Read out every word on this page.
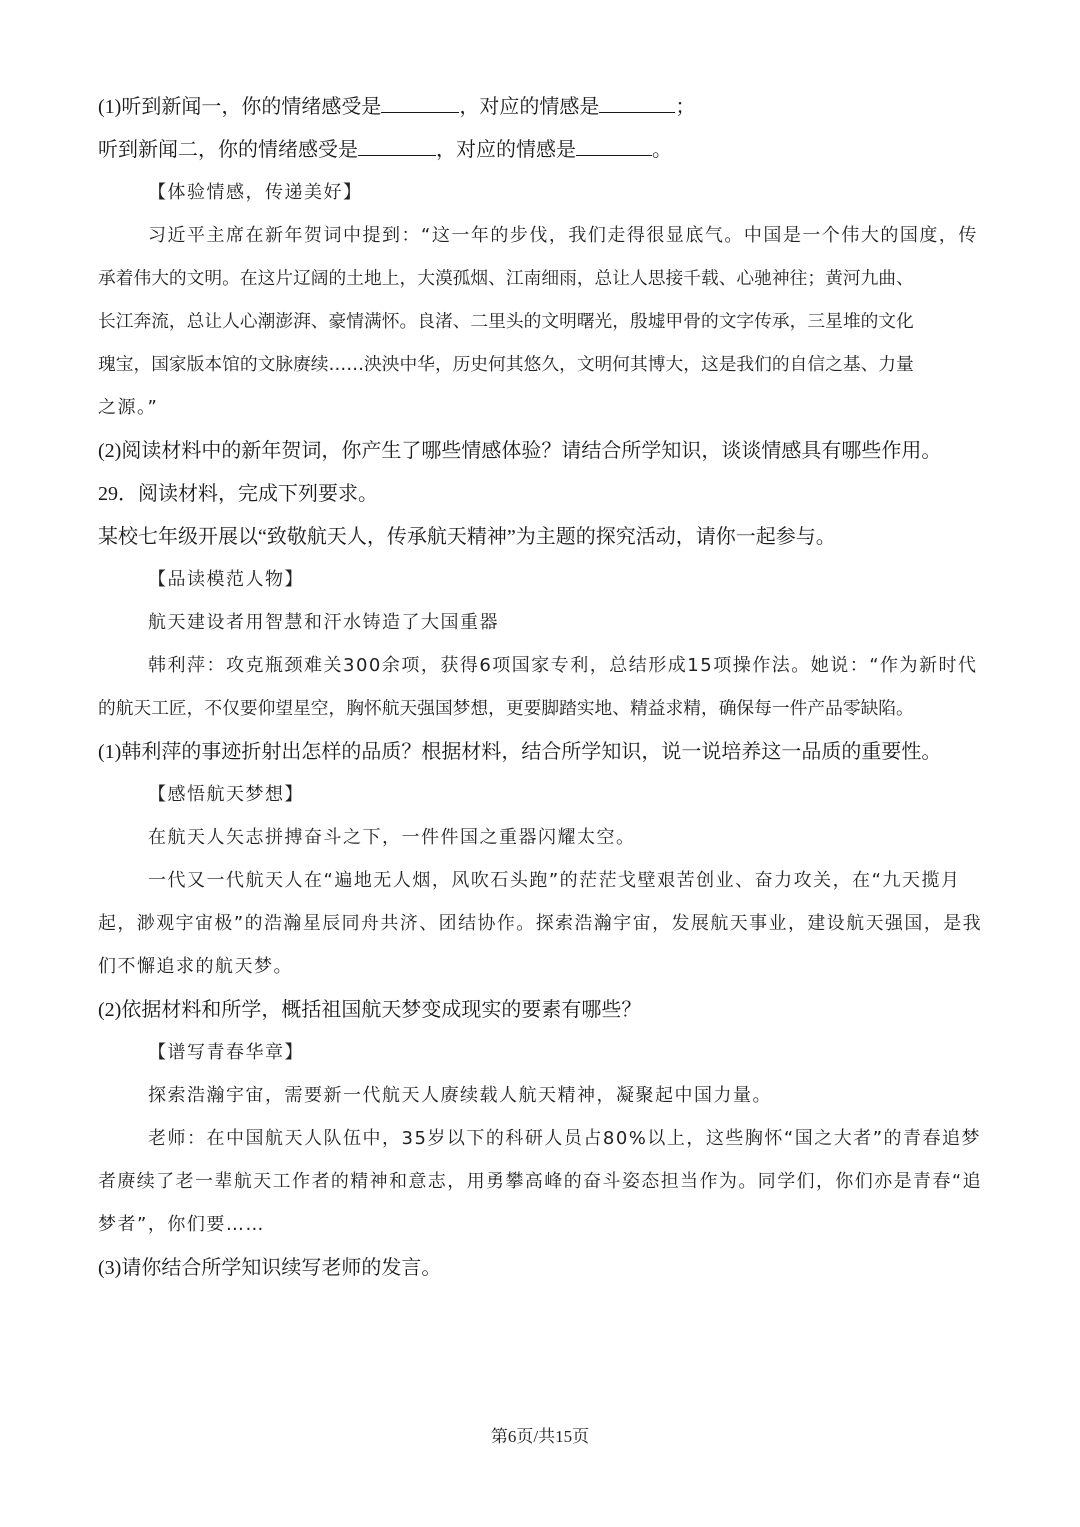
(1)听到新闻一，你的情绪感受是	，对应的情感是	；
听到新闻二，你的情绪感受是	，对应的情感是	。
【体验情感，传递美好】
习近平主席在新年贺词中提到：“这一年的步伐，我们走得很显底气。中国是一个伟大的国度，传
承着伟大的文明。在这片辽阔的土地上，大漠孤烟、江南细雨，总让人思接千载、心驰神往；黄河九曲、
长江奔流，总让人心潮澎湃、豪情满怀。良渚、二里头的文明曙光，殷墟甲骨的文字传承，三星堆的文化
瑰宝，国家版本馆的文脉赓续……泱泱中华，历史何其悠久，文明何其博大，这是我们的自信之基、力量
之源。”
(2)阅读材料中的新年贺词，你产生了哪些情感体验？请结合所学知识，谈谈情感具有哪些作用。
29．阅读材料，完成下列要求。
某校七年级开展以“致敬航天人，传承航天精神”为主题的探究活动，请你一起参与。
【品读模范人物】
航天建设者用智慧和汗水铸造了大国重器
韩利萍：攻克瓶颈难关300余项，获得6项国家专利，总结形成15项操作法。她说：“作为新时代
的航天工匠，不仅要仰望星空，胸怀航天强国梦想，更要脚踏实地、精益求精，确保每一件产品零缺陷。
(1)韩利萍的事迹折射出怎样的品质？根据材料，结合所学知识，说一说培养这一品质的重要性。
【感悟航天梦想】
在航天人矢志拼搏奋斗之下，一件件国之重器闪耀太空。
一代又一代航天人在“遍地无人烟，风吹石头跑”的茫茫戈壁艰苦创业、奋力攻关，在“九天揽月
起，渺观宇宙极”的浩瀚星辰同舟共济、团结协作。探索浩瀚宇宙，发展航天事业，建设航天强国，是我
们不懈追求的航天梦。
(2)依据材料和所学，概括祖国航天梦变成现实的要素有哪些？
【谱写青春华章】
探索浩瀚宇宙，需要新一代航天人赓续载人航天精神，凝聚起中国力量。
老师：在中国航天人队伍中，35岁以下的科研人员占80%以上，这些胸怀“国之大者”的青春追梦
者赓续了老一辈航天工作者的精神和意志，用勇攀高峰的奋斗姿态担当作为。同学们，你们亦是青春“追
梦者”，你们要……
(3)请你结合所学知识续写老师的发言。
第6页/共15页
